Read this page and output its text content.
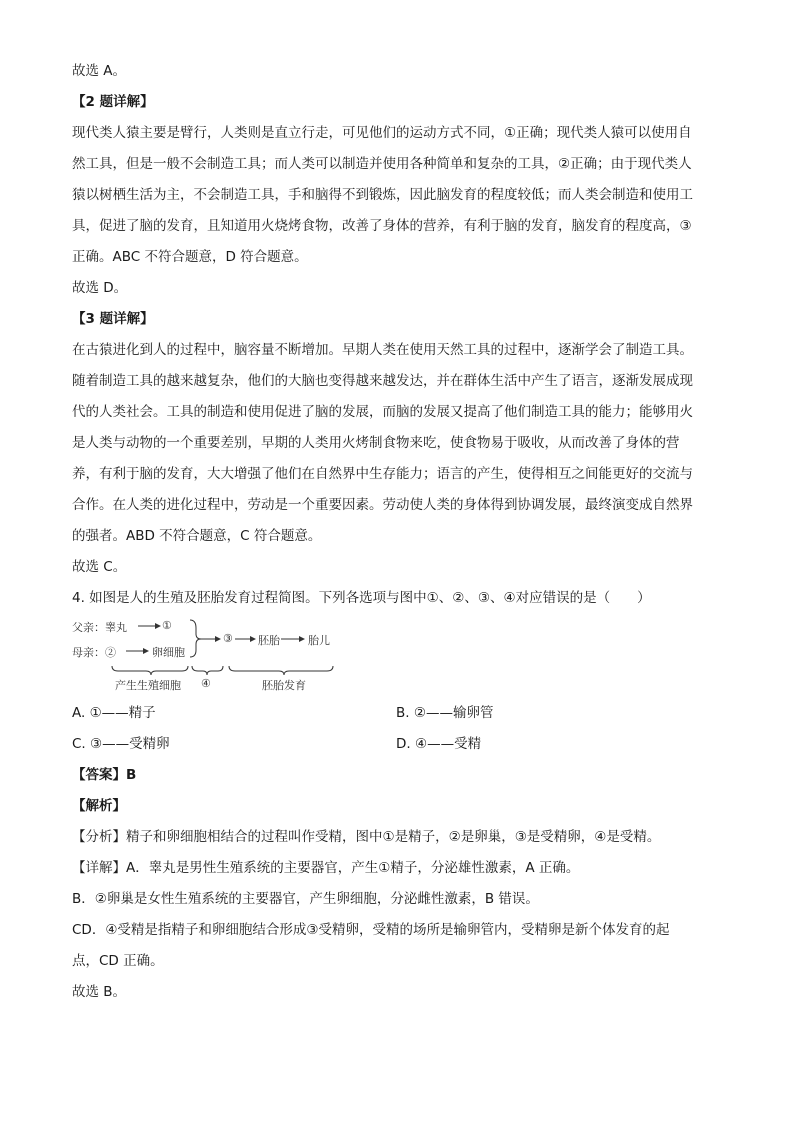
故选 A。

【2 题详解】

现代类人猿主要是臂行，人类则是直立行走，可见他们的运动方式不同，①正确；现代类人猿可以使用自

然工具，但是一般不会制造工具；而人类可以制造并使用各种简单和复杂的工具，②正确；由于现代类人

猿以树栖生活为主，不会制造工具，手和脑得不到锻炼，因此脑发育的程度较低；而人类会制造和使用工

具，促进了脑的发育，且知道用火烧烤食物，改善了身体的营养，有利于脑的发育，脑发育的程度高，③

正确。ABC 不符合题意，D 符合题意。

故选 D。

【3 题详解】

在古猿进化到人的过程中，脑容量不断增加。早期人类在使用天然工具的过程中，逐渐学会了制造工具。

随着制造工具的越来越复杂，他们的大脑也变得越来越发达，并在群体生活中产生了语言，逐渐发展成现

代的人类社会。工具的制造和使用促进了脑的发展，而脑的发展又提高了他们制造工具的能力；能够用火

是人类与动物的一个重要差别，早期的人类用火烤制食物来吃，使食物易于吸收，从而改善了身体的营

养，有利于脑的发育，大大增强了他们在自然界中生存能力；语言的产生，使得相互之间能更好的交流与

合作。在人类的进化过程中，劳动是一个重要因素。劳动使人类的身体得到协调发展，最终演变成自然界

的强者。ABD 不符合题意，C 符合题意。

故选 C。

4. 如图是人的生殖及胚胎发育过程简图。下列各选项与图中①、②、③、④对应错误的是（　　）

父亲：睾丸	①
母亲：②	卵细胞
③ 胚胎	胎儿
产生生殖细胞 ④	胚胎发育
A. ①——精子	B. ②——输卵管
C. ③——受精卵	D. ④——受精

【答案】B

【解析】

【分析】精子和卵细胞相结合的过程叫作受精，图中①是精子，②是卵巢，③是受精卵，④是受精。

【详解】A．睾丸是男性生殖系统的主要器官，产生①精子，分泌雄性激素，A 正确。

B．②卵巢是女性生殖系统的主要器官，产生卵细胞，分泌雌性激素，B 错误。

CD．④受精是指精子和卵细胞结合形成③受精卵，受精的场所是输卵管内，受精卵是新个体发育的起

点，CD 正确。

故选 B。
